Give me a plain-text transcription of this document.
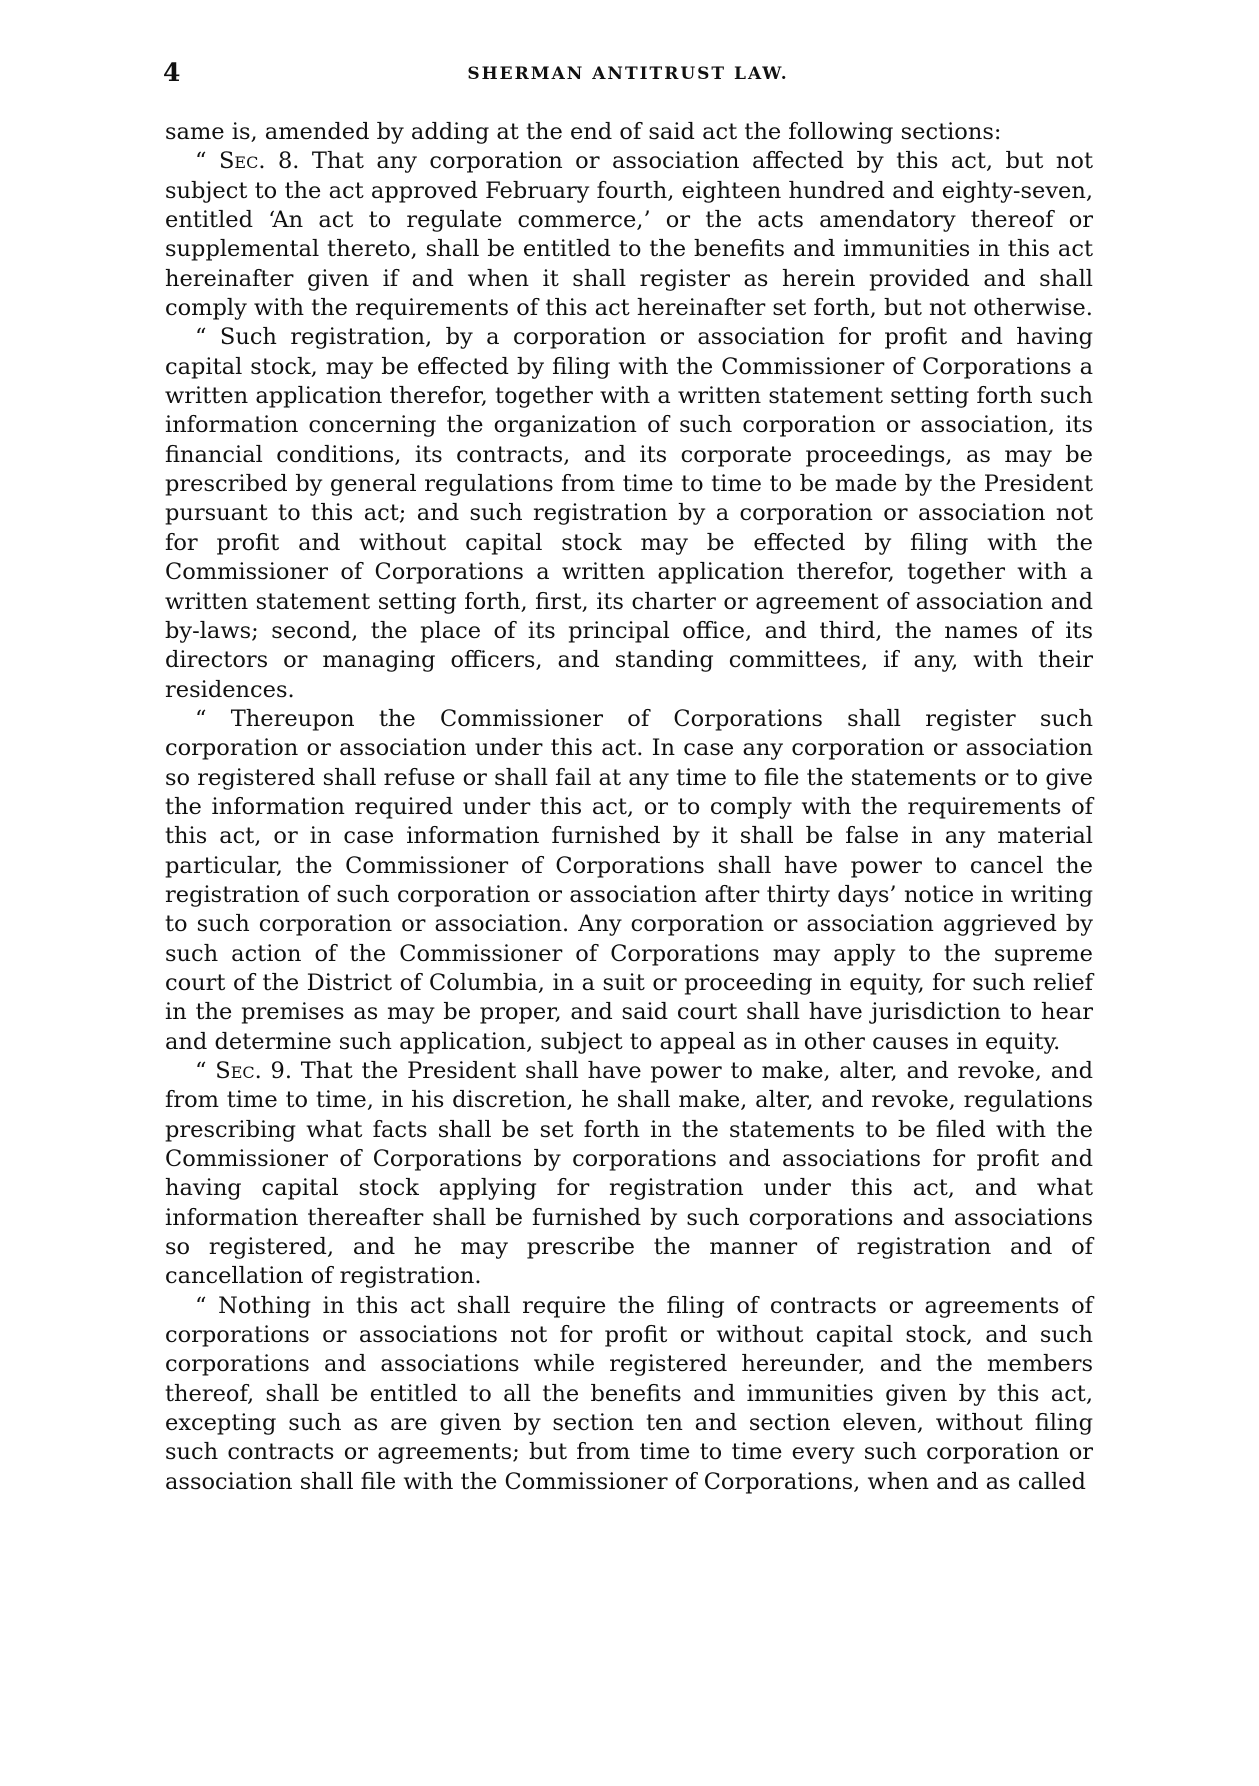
4	SHERMAN ANTITRUST LAW.

same is, amended by adding at the end of said act the following sections:

“ Sec. 8. That any corporation or association affected by this act, but not subject to the act approved February fourth, eighteen hundred and eighty-seven, entitled ‘An act to regulate commerce,’ or the acts amendatory thereof or supplemental thereto, shall be entitled to the benefits and immunities in this act hereinafter given if and when it shall register as herein provided and shall comply with the requirements of this act hereinafter set forth, but not otherwise.

“ Such registration, by a corporation or association for profit and having capital stock, may be effected by filing with the Commissioner of Corporations a written application therefor, together with a written statement setting forth such information concerning the organization of such corporation or association, its financial conditions, its contracts, and its corporate proceedings, as may be prescribed by general regulations from time to time to be made by the President pursuant to this act; and such registration by a corporation or association not for profit and without capital stock may be effected by filing with the Commissioner of Corporations a written application therefor, together with a written statement setting forth, first, its charter or agreement of association and by-laws; second, the place of its principal office, and third, the names of its directors or managing officers, and standing committees, if any, with their residences.

“ Thereupon the Commissioner of Corporations shall register such corporation or association under this act. In case any corporation or association so registered shall refuse or shall fail at any time to file the statements or to give the information required under this act, or to comply with the requirements of this act, or in case information furnished by it shall be false in any material particular, the Commissioner of Corporations shall have power to cancel the registration of such corporation or association after thirty days’ notice in writing to such corporation or association. Any corporation or association aggrieved by such action of the Commissioner of Corporations may apply to the supreme court of the District of Columbia, in a suit or proceeding in equity, for such relief in the premises as may be proper, and said court shall have jurisdiction to hear and determine such application, subject to appeal as in other causes in equity.

“ Sec. 9. That the President shall have power to make, alter, and revoke, and from time to time, in his discretion, he shall make, alter, and revoke, regulations prescribing what facts shall be set forth in the statements to be filed with the Commissioner of Corporations by corporations and associations for profit and having capital stock applying for registration under this act, and what information thereafter shall be furnished by such corporations and associations so registered, and he may prescribe the manner of registration and of cancellation of registration.

“ Nothing in this act shall require the filing of contracts or agreements of corporations or associations not for profit or without capital stock, and such corporations and associations while registered hereunder, and the members thereof, shall be entitled to all the benefits and immunities given by this act, excepting such as are given by section ten and section eleven, without filing such contracts or agreements; but from time to time every such corporation or association shall file with the Commissioner of Corporations, when and as called
